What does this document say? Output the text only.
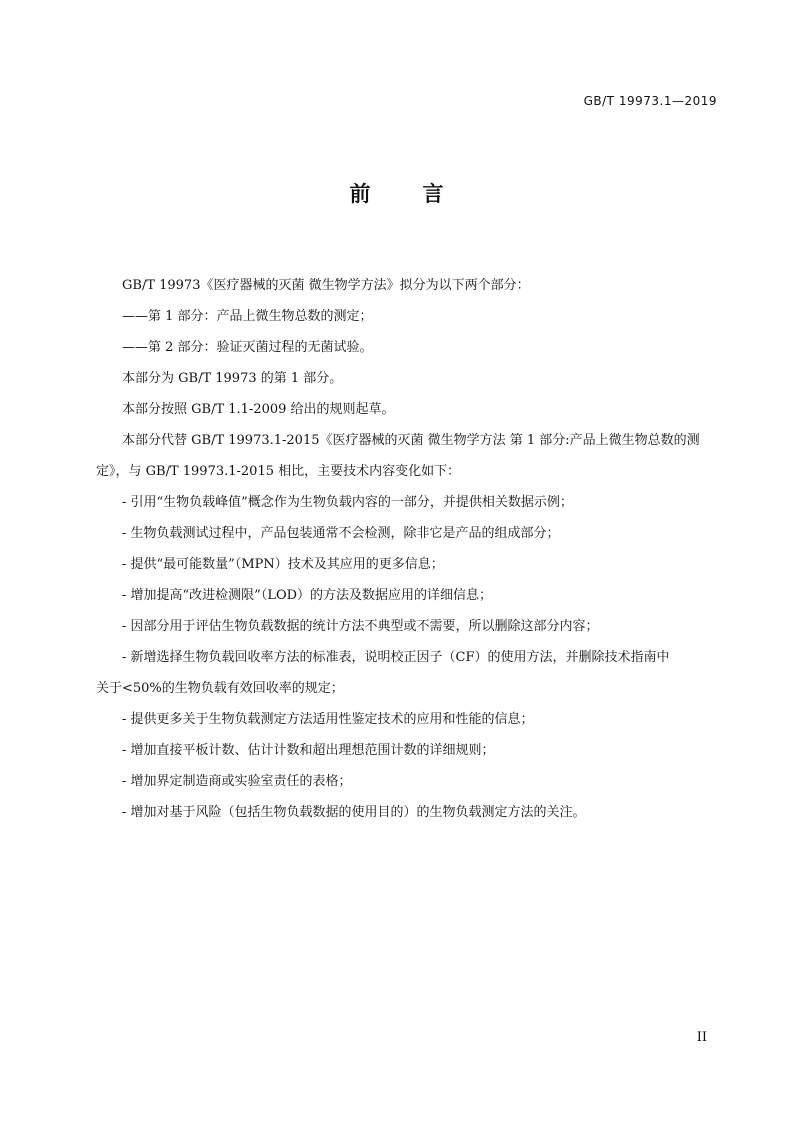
GB/T 19973.1—2019
前 言
GB/T 19973《医疗器械的灭菌 微生物学方法》拟分为以下两个部分：
——第 1 部分：产品上微生物总数的测定；
——第 2 部分：验证灭菌过程的无菌试验。
本部分为 GB/T 19973 的第 1 部分。
本部分按照 GB/T 1.1-2009 给出的规则起草。
本部分代替 GB/T 19973.1-2015《医疗器械的灭菌 微生物学方法 第 1 部分:产品上微生物总数的测
定》，与 GB/T 19973.1-2015 相比，主要技术内容变化如下：
- 引用“生物负载峰值”概念作为生物负载内容的一部分，并提供相关数据示例；
- 生物负载测试过程中，产品包装通常不会检测，除非它是产品的组成部分；
- 提供“最可能数量”（MPN）技术及其应用的更多信息；
- 增加提高“改进检测限”（LOD）的方法及数据应用的详细信息；
- 因部分用于评估生物负载数据的统计方法不典型或不需要，所以删除这部分内容；
- 新增选择生物负载回收率方法的标准表，说明校正因子（CF）的使用方法，并删除技术指南中
关于<50%的生物负载有效回收率的规定；
- 提供更多关于生物负载测定方法适用性鉴定技术的应用和性能的信息；
- 增加直接平板计数、估计计数和超出理想范围计数的详细规则；
- 增加界定制造商或实验室责任的表格；
- 增加对基于风险（包括生物负载数据的使用目的）的生物负载测定方法的关注。
II
